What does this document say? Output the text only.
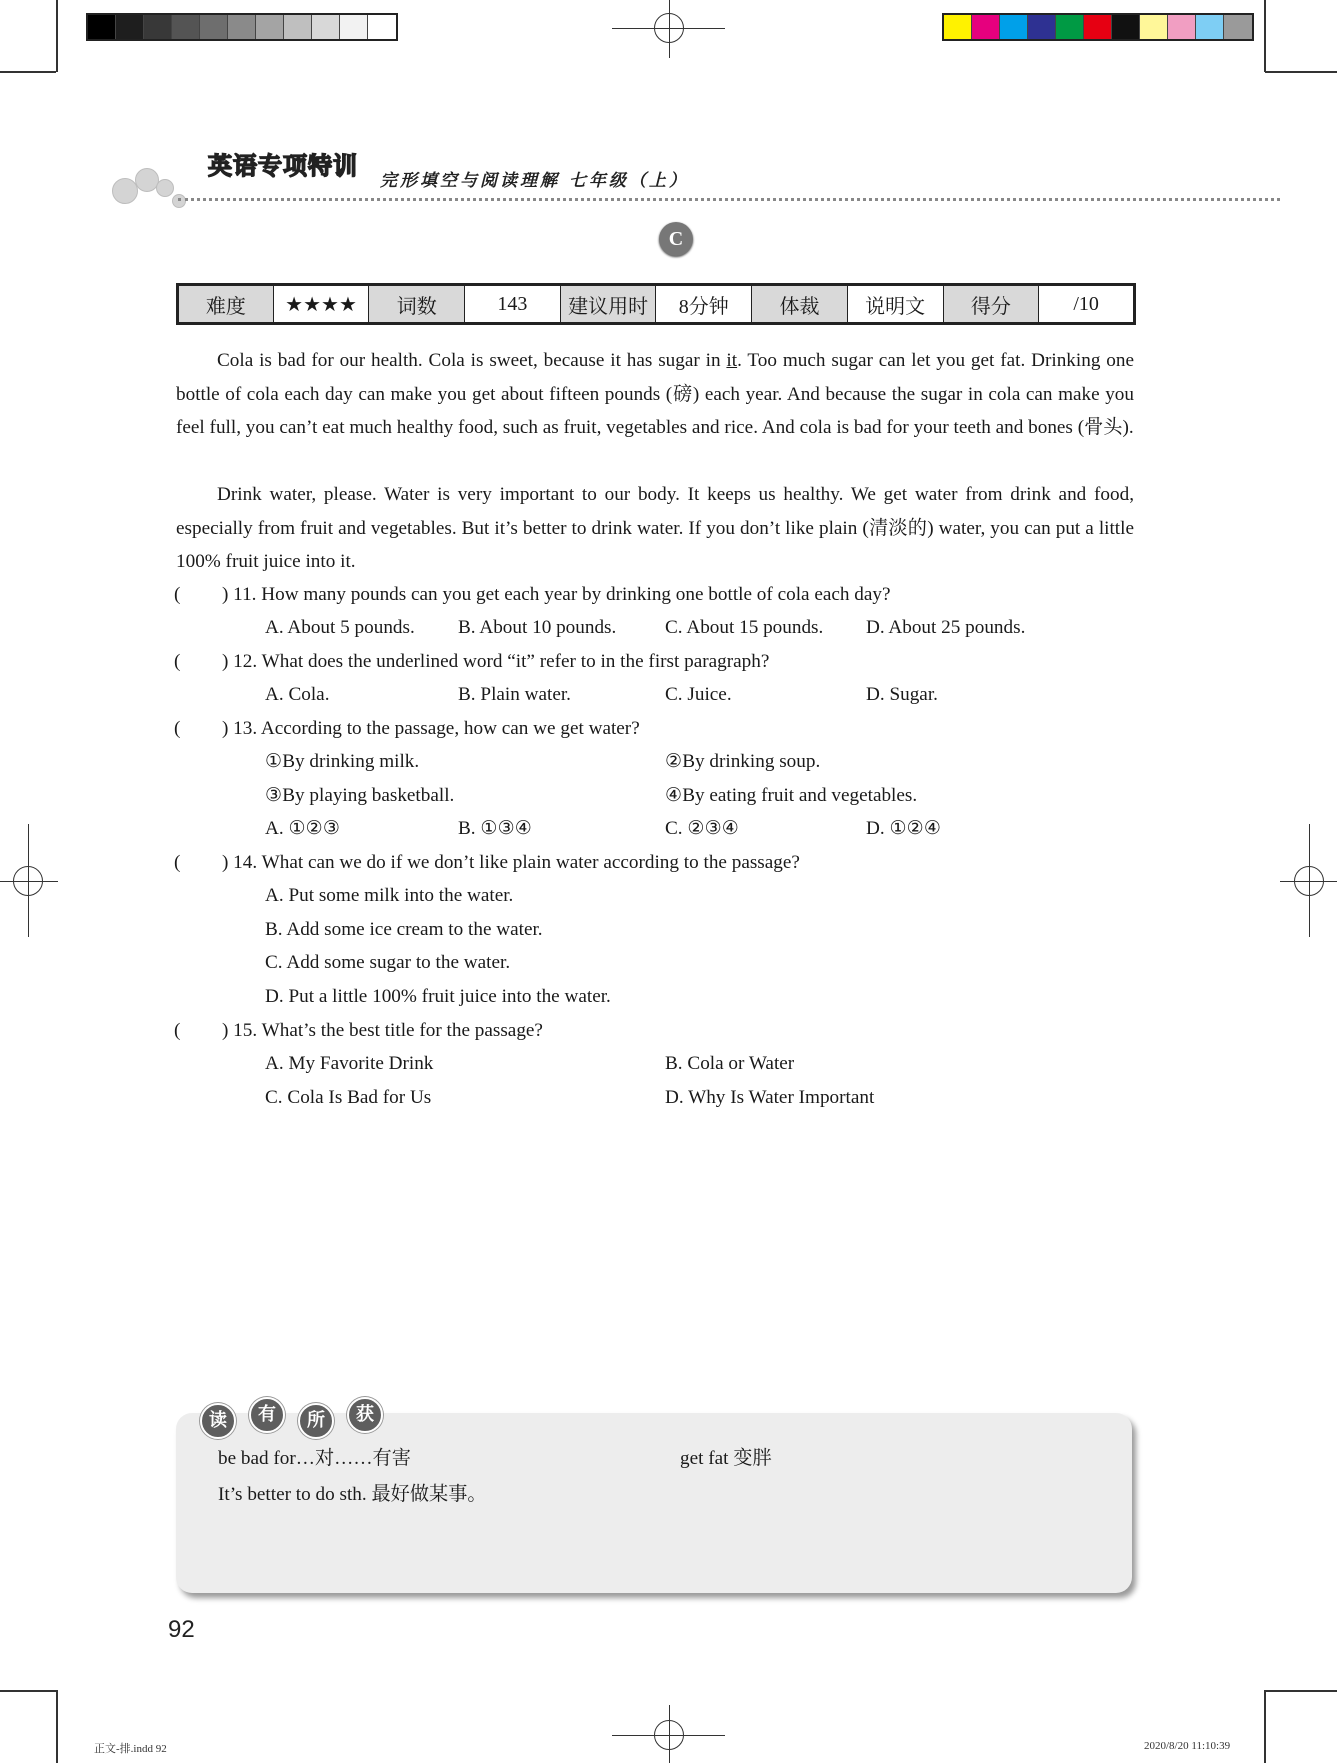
英语专项特训
完形填空与阅读理解 七年级（上）
C
难度	★★★★	词数	143	建议用时	8分钟	体裁	说明文	得分	/10
Cola is bad for our health. Cola is sweet, because it has sugar in it. Too much sugar can let you get fat. Drinking one bottle of cola each day can make you get about fifteen pounds (磅) each year. And because the sugar in cola can make you feel full, you can’t eat much healthy food, such as fruit, vegetables and rice. And cola is bad for your teeth and bones (骨头).
Drink water, please. Water is very important to our body. It keeps us healthy. We get water from drink and food, especially from fruit and vegetables. But it’s better to drink water. If you don’t like plain (清淡的) water, you can put a little 100% fruit juice into it.
( ) 11. How many pounds can you get each year by drinking one bottle of cola each day?
A. About 5 pounds. B. About 10 pounds.	C. About 15 pounds. D. About 25 pounds.
( ) 12. What does the underlined word “it” refer to in the first paragraph?
A. Cola.	B. Plain water.	C. Juice.	D. Sugar.
( ) 13. According to the passage, how can we get water?
①By drinking milk.	②By drinking soup.
③By playing basketball.	④By eating fruit and vegetables.
A. ①②③	B. ①③④	C. ②③④	D. ①②④
( ) 14. What can we do if we don’t like plain water according to the passage?
A. Put some milk into the water.
B. Add some ice cream to the water.
C. Add some sugar to the water.
D. Put a little 100% fruit juice into the water.
( ) 15. What’s the best title for the passage?
A. My Favorite Drink	B. Cola or Water
C. Cola Is Bad for Us	D. Why Is Water Important
读	有	所	获
be bad for…对……有害	get fat 变胖
It’s better to do sth. 最好做某事。
92
正文-排.indd 92	2020/8/20 11:10:39
